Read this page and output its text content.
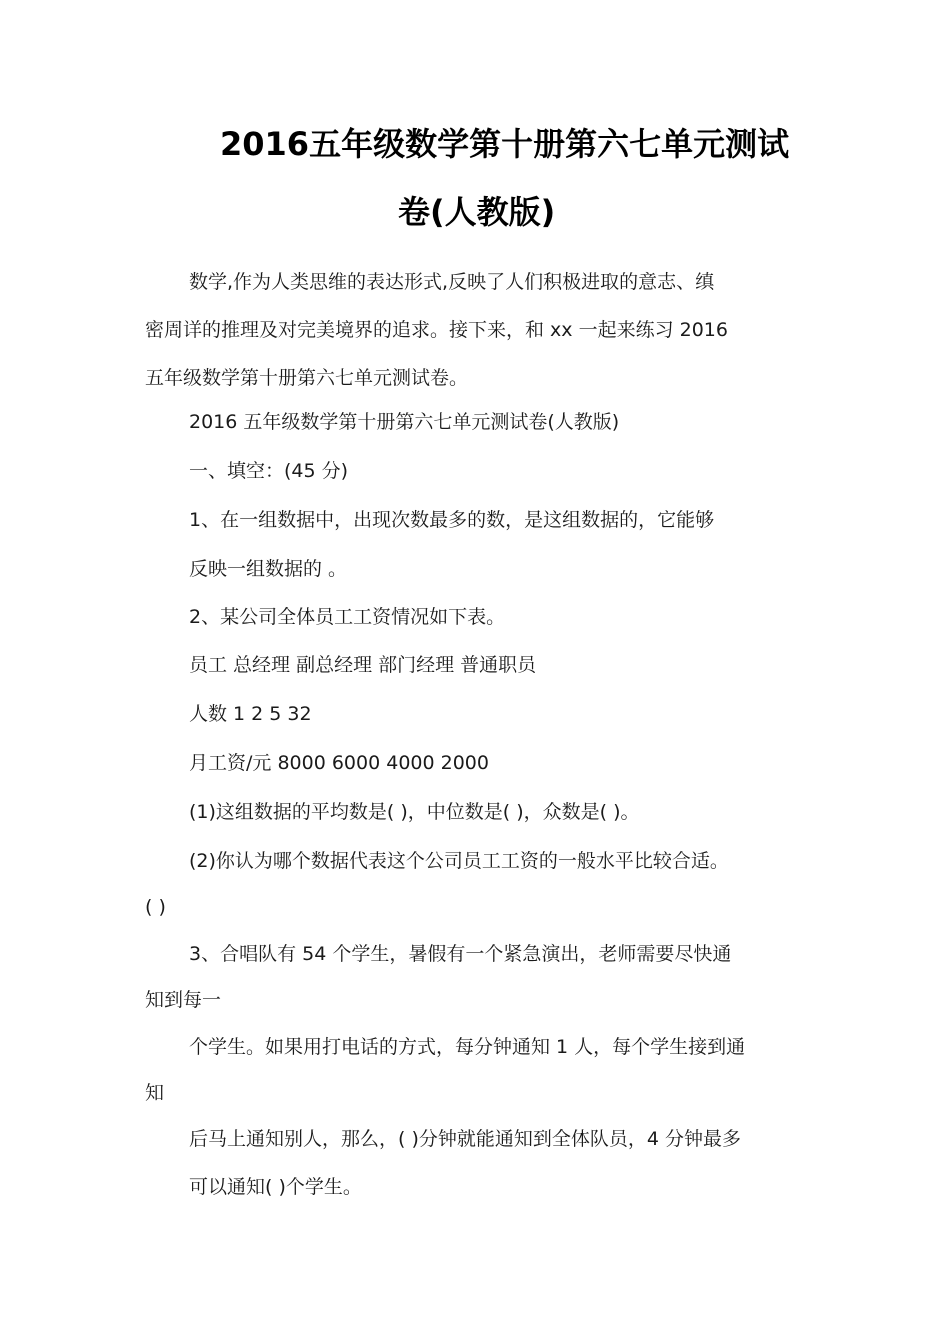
2016五年级数学第十册第六七单元测试
卷(人教版)
数学,作为人类思维的表达形式,反映了人们积极进取的意志、缜
密周详的推理及对完美境界的追求。接下来，和 xx 一起来练习 2016
五年级数学第十册第六七单元测试卷。
2016 五年级数学第十册第六七单元测试卷(人教版)
一、填空：(45 分)
1、在一组数据中，出现次数最多的数，是这组数据的，它能够
反映一组数据的 。
2、某公司全体员工工资情况如下表。
员工 总经理 副总经理 部门经理 普通职员
人数 1 2 5 32
月工资/元 8000 6000 4000 2000
(1)这组数据的平均数是( )，中位数是( )，众数是( )。
(2)你认为哪个数据代表这个公司员工工资的一般水平比较合适。
( )
3、合唱队有 54 个学生，暑假有一个紧急演出，老师需要尽快通
知到每一
个学生。如果用打电话的方式，每分钟通知 1 人，每个学生接到通
知
后马上通知别人，那么，( )分钟就能通知到全体队员，4 分钟最多
可以通知( )个学生。
